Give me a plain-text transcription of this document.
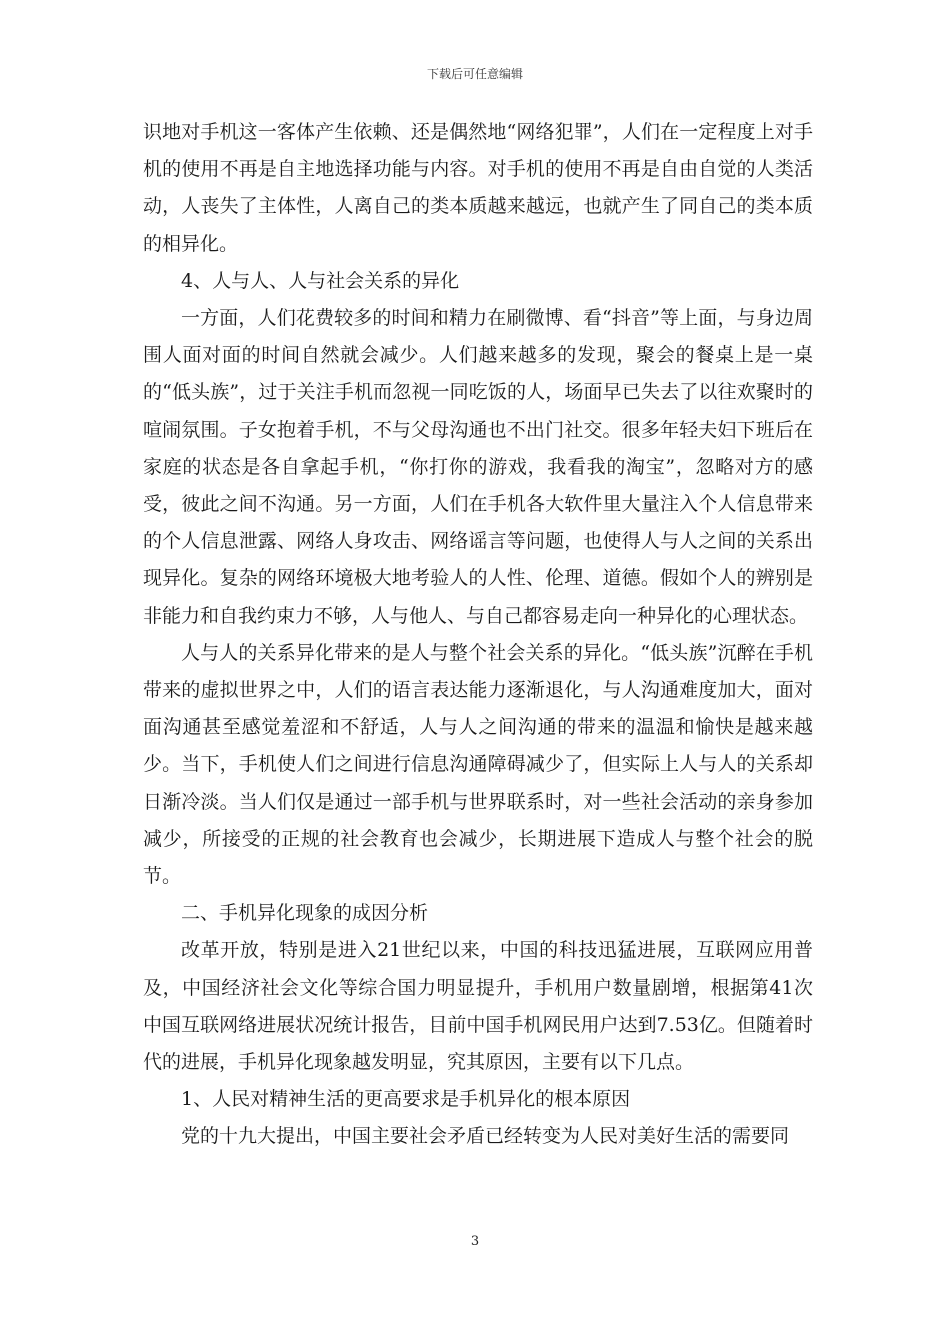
下载后可任意编辑

识地对手机这一客体产生依赖、还是偶然地“网络犯罪”，人们在一定程度上对手机的使用不再是自主地选择功能与内容。对手机的使用不再是自由自觉的人类活动，人丧失了主体性，人离自己的类本质越来越远，也就产生了同自己的类本质的相异化。

4、人与人、人与社会关系的异化

一方面，人们花费较多的时间和精力在刷微博、看“抖音”等上面，与身边周围人面对面的时间自然就会减少。人们越来越多的发现，聚会的餐桌上是一桌的“低头族”，过于关注手机而忽视一同吃饭的人，场面早已失去了以往欢聚时的喧闹氛围。子女抱着手机，不与父母沟通也不出门社交。很多年轻夫妇下班后在家庭的状态是各自拿起手机，“你打你的游戏，我看我的淘宝”，忽略对方的感受，彼此之间不沟通。另一方面，人们在手机各大软件里大量注入个人信息带来的个人信息泄露、网络人身攻击、网络谣言等问题，也使得人与人之间的关系出现异化。复杂的网络环境极大地考验人的人性、伦理、道德。假如个人的辨别是非能力和自我约束力不够，人与他人、与自己都容易走向一种异化的心理状态。

人与人的关系异化带来的是人与整个社会关系的异化。“低头族”沉醉在手机带来的虚拟世界之中，人们的语言表达能力逐渐退化，与人沟通难度加大，面对面沟通甚至感觉羞涩和不舒适，人与人之间沟通的带来的温温和愉快是越来越少。当下，手机使人们之间进行信息沟通障碍减少了，但实际上人与人的关系却日渐冷淡。当人们仅是通过一部手机与世界联系时，对一些社会活动的亲身参加减少，所接受的正规的社会教育也会减少，长期进展下造成人与整个社会的脱节。

二、手机异化现象的成因分析

改革开放，特别是进入21世纪以来，中国的科技迅猛进展，互联网应用普及，中国经济社会文化等综合国力明显提升，手机用户数量剧增，根据第41次中国互联网络进展状况统计报告，目前中国手机网民用户达到7.53亿。但随着时代的进展，手机异化现象越发明显，究其原因，主要有以下几点。

1、人民对精神生活的更高要求是手机异化的根本原因

党的十九大提出，中国主要社会矛盾已经转变为人民对美好生活的需要同

3
